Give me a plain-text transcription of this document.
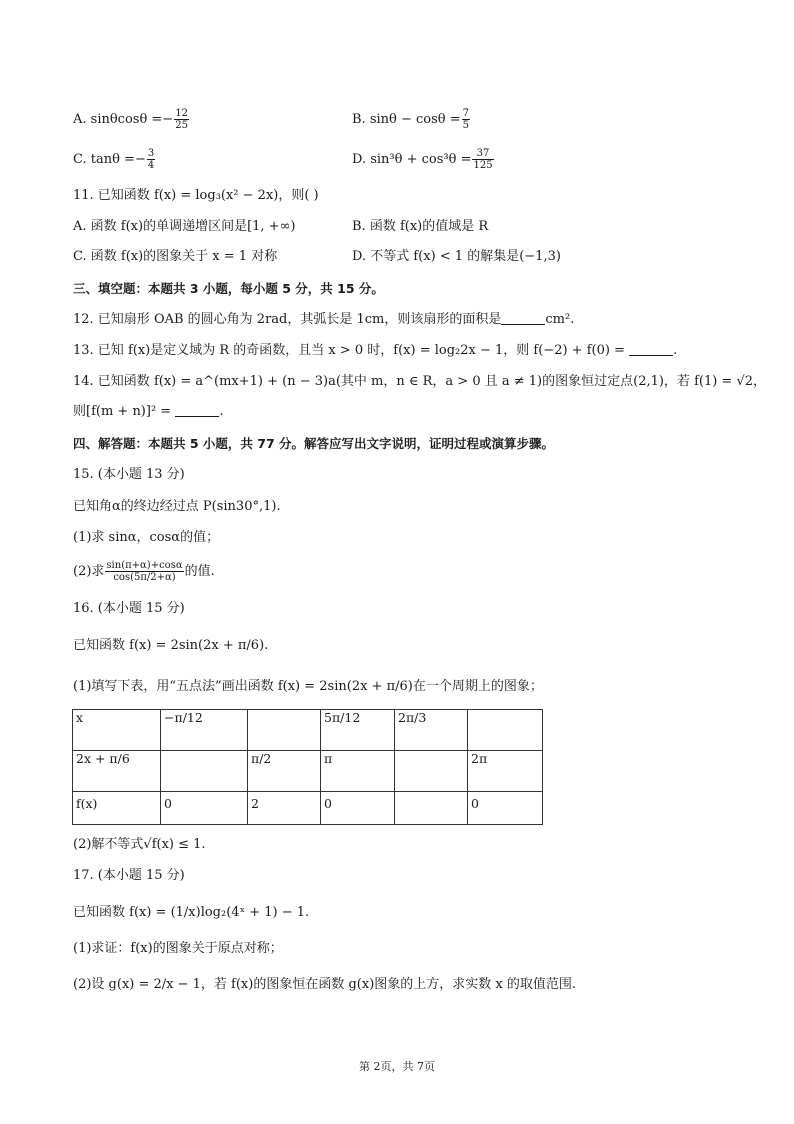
A. $\sin\theta\cos\theta =- \frac{12}{25}$	B. $\sin\theta - \cos\theta = \frac{7}{5}$
C. $\tan\theta =- \frac{3}{4}$	D. $\sin^3\theta + \cos^3\theta = \frac{37}{125}$
11. 已知函数 f(x) = log₃(x² − 2x)，则( )
A. 函数 f(x)的单调递增区间是[1, +∞)	B. 函数 f(x)的值域是 R
C. 函数 f(x)的图象关于 x = 1 对称	D. 不等式 f(x) < 1 的解集是(−1,3)
三、填空题：本题共 3 小题，每小题 5 分，共 15 分。
12. 已知扇形 OAB 的圆心角为 2rad，其弧长是 1cm，则该扇形的面积是	cm².
13. 已知 f(x)是定义域为 R 的奇函数，且当 x > 0 时，f(x) = log₂2x − 1，则 f(−2) + f(0) =	.
14. 已知函数 f(x) = a^(mx+1) + (n − 3)a(其中 m，n ∈ R，a > 0 且 a ≠ 1)的图象恒过定点(2,1)，若 f(1) = √2，
则[f(m + n)]² =	.
四、解答题：本题共 5 小题，共 77 分。解答应写出文字说明，证明过程或演算步骤。
15. (本小题 13 分)
已知角α的终边经过点 P(sin30°,1).
(1)求 sinα，cosα的值；
(2)求 $\frac{\sin(\pi+\alpha)+\cos\alpha}{\cos(5\pi/2+\alpha)}$ 的值.
16. (本小题 15 分)
已知函数 f(x) = 2sin(2x + π/6).
(1)填写下表，用“五点法”画出函数 f(x) = 2sin(2x + π/6)在一个周期上的图象；
x	−π/12		5π/12	2π/3	
2x + π/6		π/2	π		2π
f(x)	0	2	0		0
(2)解不等式√f(x) ≤ 1.
17. (本小题 15 分)
已知函数 f(x) = (1/x)log₂(4ˣ + 1) − 1.
(1)求证：f(x)的图象关于原点对称；
(2)设 g(x) = 2/x − 1，若 f(x)的图象恒在函数 g(x)图象的上方，求实数 x 的取值范围.
第 2页，共 7页
